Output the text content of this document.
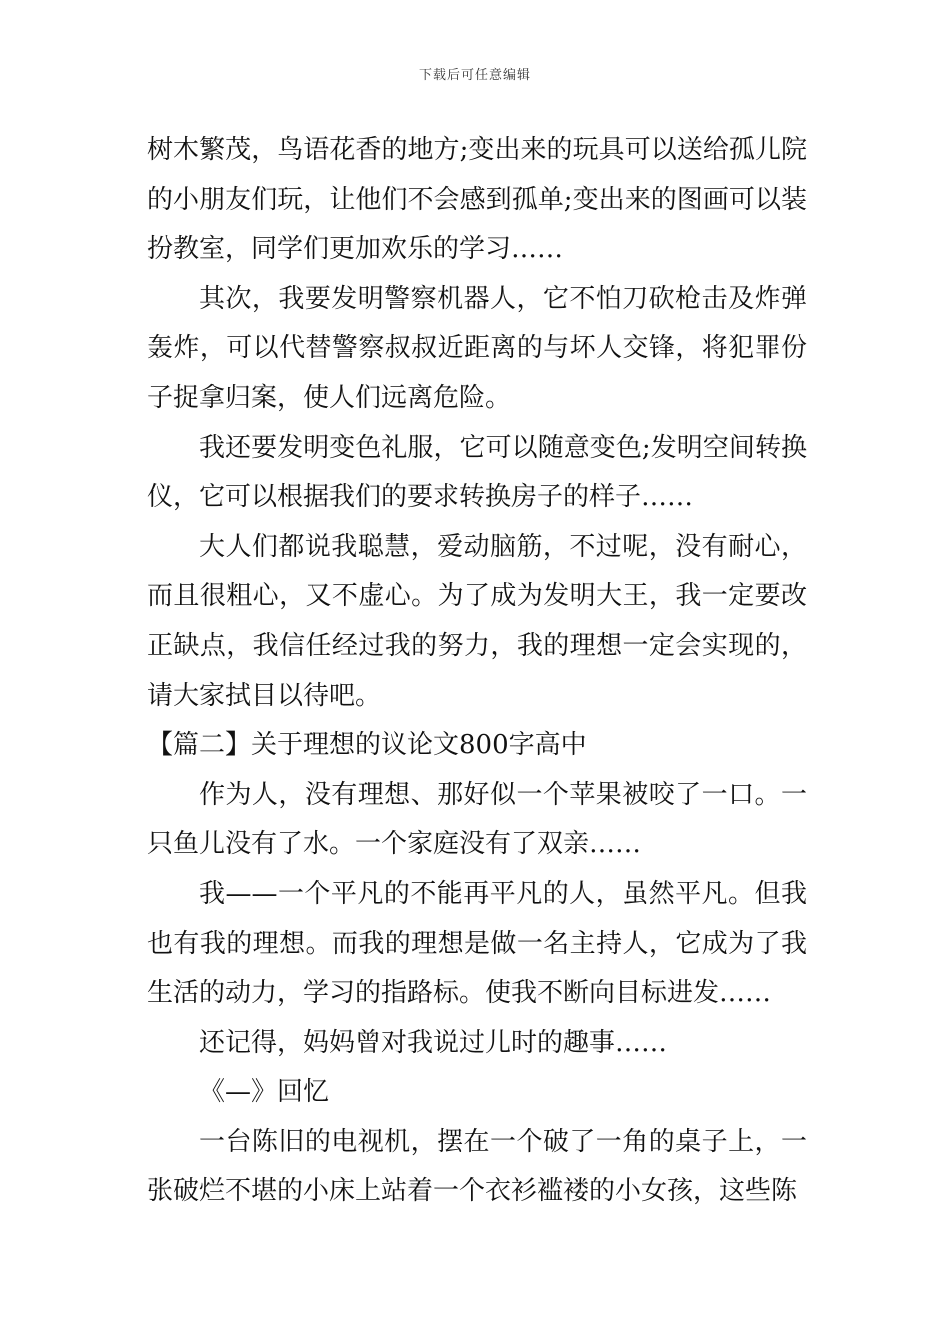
下载后可任意编辑

树木繁茂，鸟语花香的地方;变出来的玩具可以送给孤儿院的小朋友们玩，让他们不会感到孤单;变出来的图画可以装扮教室，同学们更加欢乐的学习……

其次，我要发明警察机器人，它不怕刀砍枪击及炸弹轰炸，可以代替警察叔叔近距离的与坏人交锋，将犯罪份子捉拿归案，使人们远离危险。

我还要发明变色礼服，它可以随意变色;发明空间转换仪，它可以根据我们的要求转换房子的样子……

大人们都说我聪慧，爱动脑筋，不过呢，没有耐心，而且很粗心，又不虚心。为了成为发明大王，我一定要改正缺点，我信任经过我的努力，我的理想一定会实现的，请大家拭目以待吧。

【篇二】关于理想的议论文800字高中

作为人，没有理想、那好似一个苹果被咬了一口。一只鱼儿没有了水。一个家庭没有了双亲……

我——一个平凡的不能再平凡的人，虽然平凡。但我也有我的理想。而我的理想是做一名主持人，它成为了我生活的动力，学习的指路标。使我不断向目标进发……

还记得，妈妈曾对我说过儿时的趣事……

《—》回忆

一台陈旧的电视机，摆在一个破了一角的桌子上，一张破烂不堪的小床上站着一个衣衫褴褛的小女孩，这些陈
